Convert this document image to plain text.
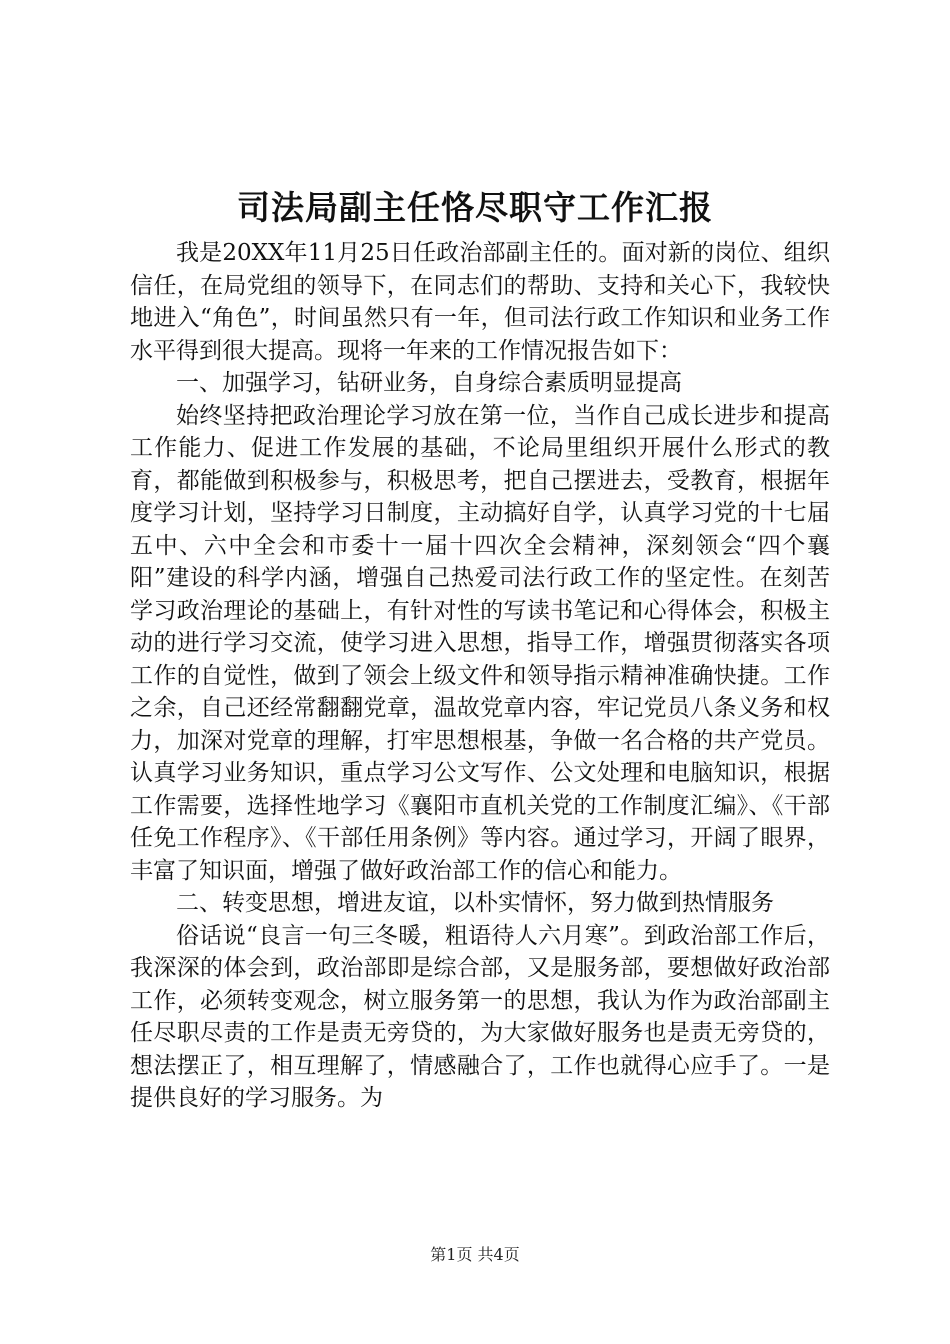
司法局副主任恪尽职守工作汇报

我是20XX年11月25日任政治部副主任的。面对新的岗位、组织信任，在局党组的领导下，在同志们的帮助、支持和关心下，我较快地进入“角色”，时间虽然只有一年，但司法行政工作知识和业务工作水平得到很大提高。现将一年来的工作情况报告如下：

一、加强学习，钻研业务，自身综合素质明显提高

始终坚持把政治理论学习放在第一位，当作自己成长进步和提高工作能力、促进工作发展的基础，不论局里组织开展什么形式的教育，都能做到积极参与，积极思考，把自己摆进去，受教育，根据年度学习计划，坚持学习日制度，主动搞好自学，认真学习党的十七届五中、六中全会和市委十一届十四次全会精神，深刻领会“四个襄阳”建设的科学内涵，增强自己热爱司法行政工作的坚定性。在刻苦学习政治理论的基础上，有针对性的写读书笔记和心得体会，积极主动的进行学习交流，使学习进入思想，指导工作，增强贯彻落实各项工作的自觉性，做到了领会上级文件和领导指示精神准确快捷。工作之余，自己还经常翻翻党章，温故党章内容，牢记党员八条义务和权力，加深对党章的理解，打牢思想根基，争做一名合格的共产党员。认真学习业务知识，重点学习公文写作、公文处理和电脑知识，根据工作需要，选择性地学习《襄阳市直机关党的工作制度汇编》、《干部任免工作程序》、《干部任用条例》等内容。通过学习，开阔了眼界，丰富了知识面，增强了做好政治部工作的信心和能力。

二、转变思想，增进友谊，以朴实情怀，努力做到热情服务

俗话说“良言一句三冬暖，粗语待人六月寒”。到政治部工作后，我深深的体会到，政治部即是综合部，又是服务部，要想做好政治部工作，必须转变观念，树立服务第一的思想，我认为作为政治部副主任尽职尽责的工作是责无旁贷的，为大家做好服务也是责无旁贷的，想法摆正了，相互理解了，情感融合了，工作也就得心应手了。一是提供良好的学习服务。为

第1页 共4页
